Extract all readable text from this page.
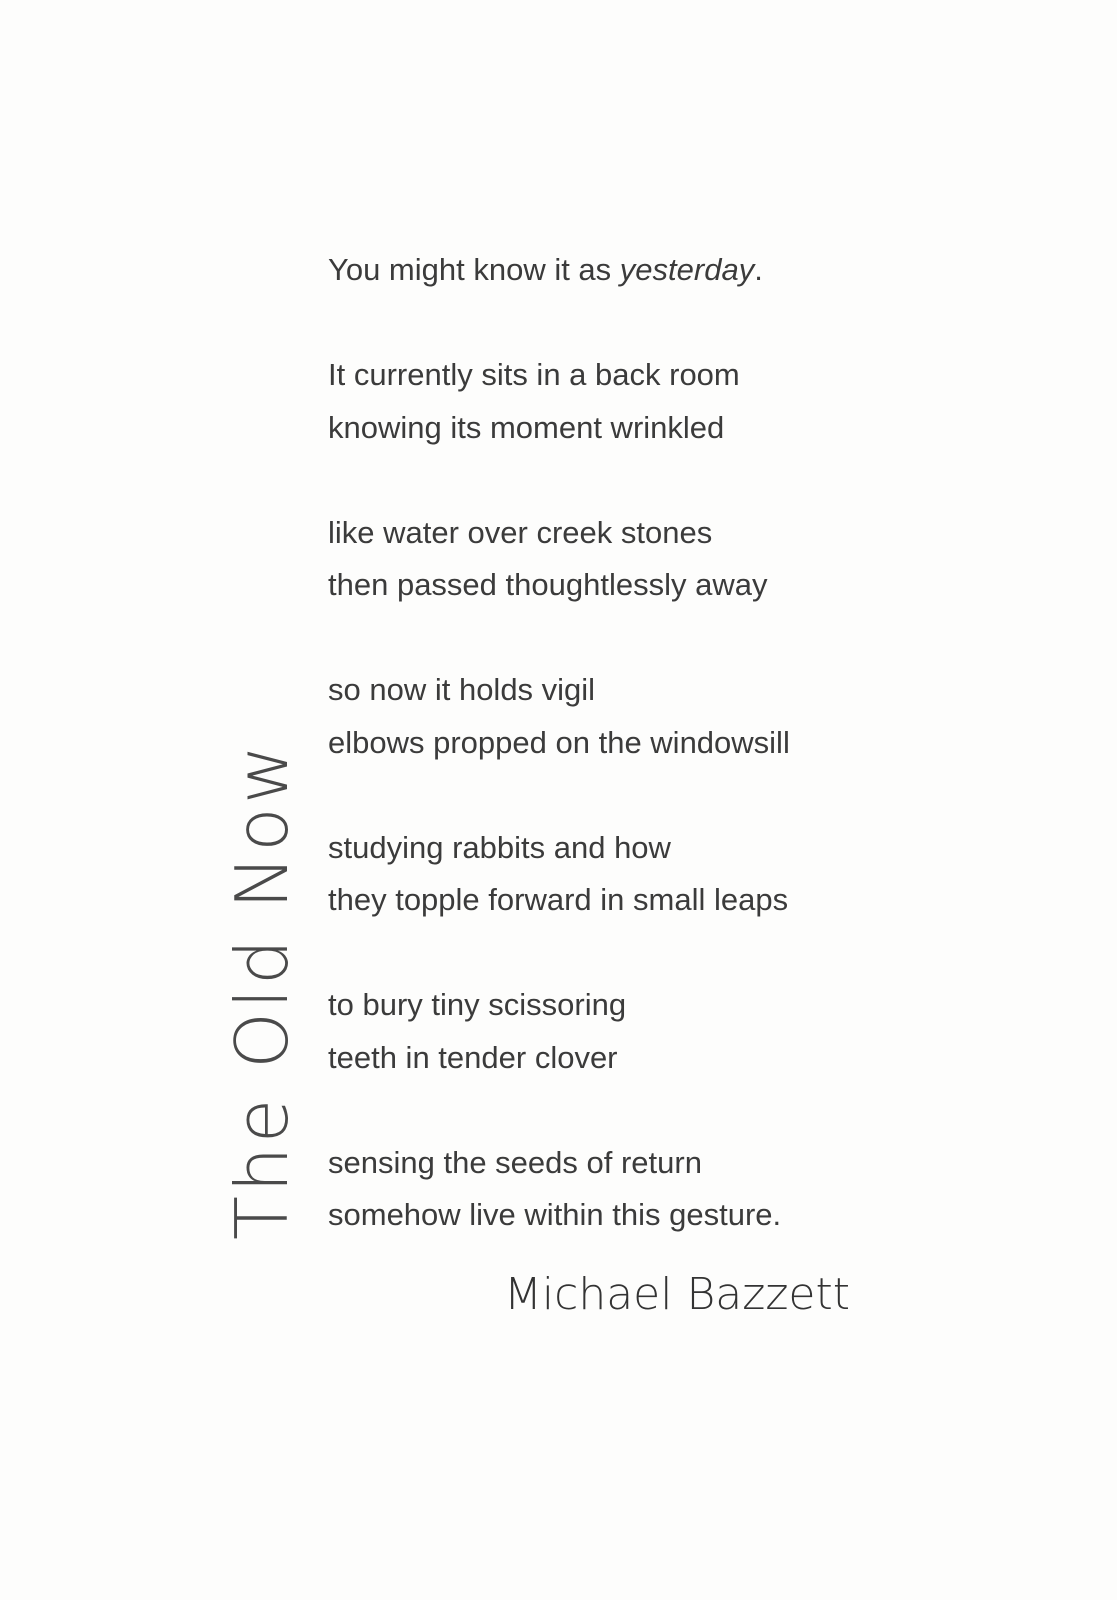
The Old Now
You might know it as yesterday.
It currently sits in a back room
knowing its moment wrinkled
like water over creek stones
then passed thoughtlessly away
so now it holds vigil
elbows propped on the windowsill
studying rabbits and how
they topple forward in small leaps
to bury tiny scissoring
teeth in tender clover
sensing the seeds of return
somehow live within this gesture.
Michael Bazzett
